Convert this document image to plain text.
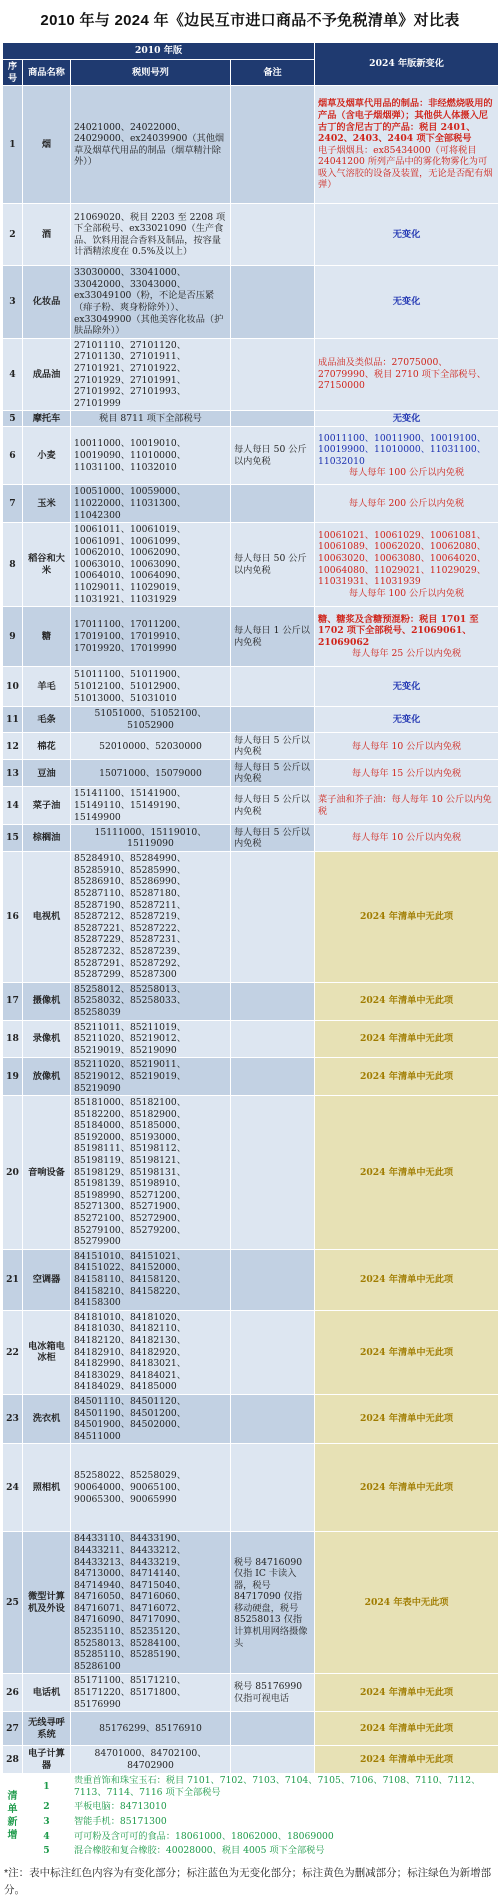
2010 年与 2024 年《边民互市进口商品不予免税清单》对比表
2010 年版				2024 年版新变化
序号	商品名称	税则号列	备注	
1	烟	24021000、24022000、24029000、ex24039900（其他烟草及烟草代用品的制品（烟草精汁除外））		烟草及烟草代用品的制品：非经燃烧吸用的产品（含电子烟烟弹）；其他供人体摄入尼古丁的含尼古丁的产品：税目 2401、2402、2403、2404 项下全部税号
电子烟烟具：ex85434000（可将税目 24041200 所列产品中的雾化物雾化为可吸入气溶胶的设备及装置，无论是否配有烟弹）

2	酒	21069020、税目 2203 至 2208 项下全部税号、ex33021090（生产食品、饮料用混合香料及制品，按容量计酒精浓度在 0.5%及以上）		无变化
3	化妆品	33030000、33041000、33042000、33043000、ex33049100（粉，不论是否压紧（痱子粉、爽身粉除外））、ex33049900（其他美容化妆品（护肤品除外））		无变化
4	成品油	27101110、27101120、27101130、27101911、27101921、27101922、27101929、27101991、27101992、27101993、27101999		成品油及类似品：27075000、27079990、税目 2710 项下全部税号、27150000
5	摩托车	税目 8711 项下全部税号		无变化
6	小麦	10011000、10019010、10019090、11010000、11031100、11032010	每人每日 50 公斤以内免税	10011100、10011900、10019100、10019900、11010000、11031100、11032010
每人每年 100 公斤以内免税

7	玉米	10051000、10059000、11022000、11031300、11042300		每人每年 200 公斤以内免税
8	稻谷和大米	10061011、10061019、10061091、10061099、10062010、10062090、10063010、10063090、10064010、10064090、11029011、11029019、11031921、11031929	每人每日 50 公斤以内免税	10061021、10061029、10061081、10061089、10062020、10062080、10063020、10063080、10064020、10064080、11029021、11029029、11031931、11031939
每人每年 100 公斤以内免税

9	糖	17011100、17011200、17019100、17019910、17019920、17019990	每人每日 1 公斤以内免税	糖、糖浆及含糖预混粉：税目 1701 至 1702 项下全部税号、21069061、21069062
每人每年 25 公斤以内免税

10	羊毛	51011100、51011900、51012100、51012900、51013000、51031010		无变化
11	毛条	51051000、51052100、51052900		无变化
12	棉花	52010000、52030000	每人每日 5 公斤以内免税	每人每年 10 公斤以内免税
13	豆油	15071000、15079000	每人每日 5 公斤以内免税	每人每年 15 公斤以内免税
14	菜子油	15141100、15141900、15149110、15149190、15149900	每人每日 5 公斤以内免税	菜子油和芥子油：每人每年 10 公斤以内免税
15	棕榈油	15111000、15119010、15119090	每人每日 5 公斤以内免税	每人每年 10 公斤以内免税
16	电视机	85284910、85284990、85285910、85285990、85286910、85286990、85287110、85287180、85287190、85287211、85287212、85287219、85287221、85287222、85287229、85287231、85287232、85287239、85287291、85287292、85287299、85287300		2024 年清单中无此项
17	摄像机	85258012、85258013、85258032、85258033、85258039		2024 年清单中无此项
18	录像机	85211011、85211019、85211020、85219012、85219019、85219090		2024 年清单中无此项
19	放像机	85211020、85219011、85219012、85219019、85219090		2024 年清单中无此项
20	音响设备	85181000、85182100、85182200、85182900、85184000、85185000、85192000、85193000、85198111、85198112、85198119、85198121、85198129、85198131、85198139、85198910、85198990、85271200、85271300、85271900、85272100、85272900、85279100、85279200、85279900		2024 年清单中无此项
21	空调器	84151010、84151021、84151022、84152000、84158110、84158120、84158210、84158220、84158300		2024 年清单中无此项
22	电冰箱电冰柜	84181010、84181020、84181030、84182110、84182120、84182130、84182910、84182920、84182990、84183021、84183029、84184021、84184029、84185000		2024 年清单中无此项
23	洗衣机	84501110、84501120、84501190、84501200、84501900、84502000、84511000		2024 年清单中无此项
24	照相机	85258022、85258029、90064000、90065100、90065300、90065990		2024 年清单中无此项
25	微型计算机及外设	84433110、84433190、84433211、84433212、84433213、84433219、84713000、84714140、84714940、84715040、84716050、84716060、84716071、84716072、84716090、84717090、85235110、85235120、85258013、85284100、85285110、85285190、85286100	税号 84716090 仅指 IC 卡读入器，税号 84717090 仅指移动硬盘，税号 85258013 仅指计算机用网络摄像头	2024 年表中无此项
26	电话机	85171100、85171210、85171220、85171800、85176990	税号 85176990 仅指可视电话	2024 年清单中无此项
27	无线寻呼系统	85176299、85176910		2024 年清单中无此项
28	电子计算器	84701000、84702100、84702900		2024 年清单中无此项
清单新增	1	贵重首饰和珠宝玉石：税目 7101、7102、7103、7104、7105、7106、7108、7110、7112、7113、7114、7116 项下全部税号		
	2	平板电脑：84713010		
	3	智能手机：85171300		
	4	可可粉及含可可的食品：18061000、18062000、18069000		
	5	混合橡胶和复合橡胶：40028000、税目 4005 项下全部税号		
*注：表中标注红色内容为有变化部分；标注蓝色为无变化部分；标注黄色为删减部分；标注绿色为新增部分。
